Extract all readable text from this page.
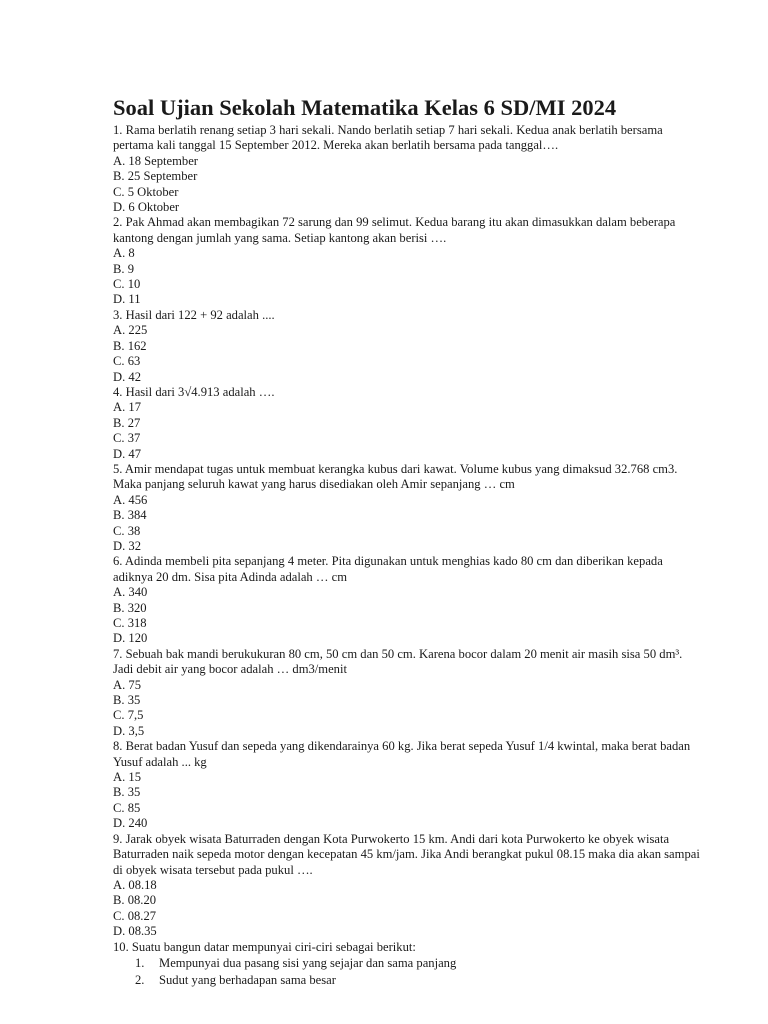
Soal Ujian Sekolah Matematika Kelas 6 SD/MI 2024
1. Rama berlatih renang setiap 3 hari sekali. Nando berlatih setiap 7 hari sekali. Kedua anak berlatih bersama
pertama kali tanggal 15 September 2012. Mereka akan berlatih bersama pada tanggal….
A. 18 September
B. 25 September
C. 5 Oktober
D. 6 Oktober
2. Pak Ahmad akan membagikan 72 sarung dan 99 selimut. Kedua barang itu akan dimasukkan dalam beberapa
kantong dengan jumlah yang sama. Setiap kantong akan berisi ….
A. 8
B. 9
C. 10
D. 11
3. Hasil dari 122 + 92 adalah ....
A. 225
B. 162
C. 63
D. 42
4. Hasil dari 3√4.913 adalah ….
A. 17
B. 27
C. 37
D. 47
5. Amir mendapat tugas untuk membuat kerangka kubus dari kawat. Volume kubus yang dimaksud 32.768 cm3.
Maka panjang seluruh kawat yang harus disediakan oleh Amir sepanjang … cm
A. 456
B. 384
C. 38
D. 32
6. Adinda membeli pita sepanjang 4 meter. Pita digunakan untuk menghias kado 80 cm dan diberikan kepada
adiknya 20 dm. Sisa pita Adinda adalah … cm
A. 340
B. 320
C. 318
D. 120
7. Sebuah bak mandi berukukuran 80 cm, 50 cm dan 50 cm. Karena bocor dalam 20 menit air masih sisa 50 dm³.
Jadi debit air yang bocor adalah … dm3/menit
A. 75
B. 35
C. 7,5
D. 3,5
8. Berat badan Yusuf dan sepeda yang dikendarainya 60 kg. Jika berat sepeda Yusuf 1/4 kwintal, maka berat badan
Yusuf adalah ... kg
A. 15
B. 35
C. 85
D. 240
9. Jarak obyek wisata Baturraden dengan Kota Purwokerto 15 km. Andi dari kota Purwokerto ke obyek wisata
Baturraden naik sepeda motor dengan kecepatan 45 km/jam. Jika Andi berangkat pukul 08.15 maka dia akan sampai
di obyek wisata tersebut pada pukul ….
A. 08.18
B. 08.20
C. 08.27
D. 08.35
10. Suatu bangun datar mempunyai ciri-ciri sebagai berikut:
1.	Mempunyai dua pasang sisi yang sejajar dan sama panjang
2.	Sudut yang berhadapan sama besar
